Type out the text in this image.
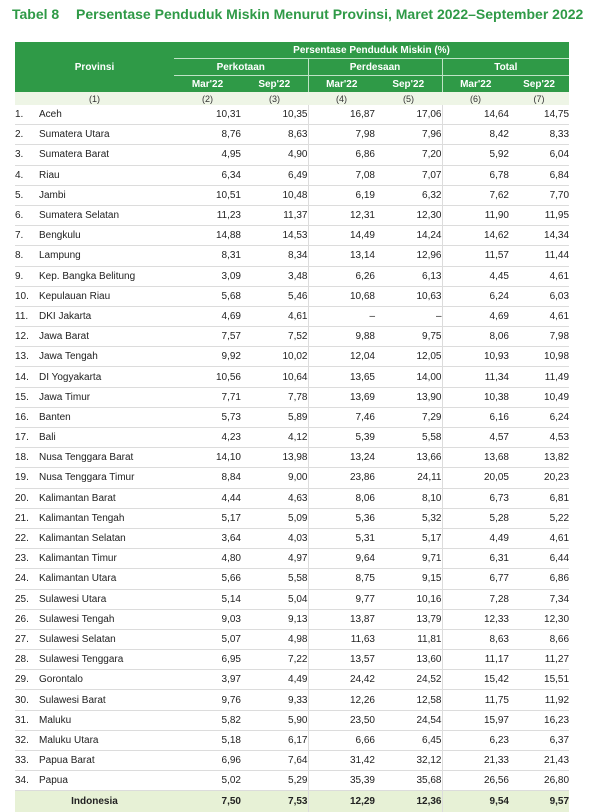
Tabel 8 Persentase Penduduk Miskin Menurut Provinsi, Maret 2022–September 2022
Provinsi		Persentase Penduduk Miskin (%)					
		Perkotaan		Perdesaan		Total	
		Mar'22	Sep'22	Mar'22	Sep'22	Mar'22	Sep'22
(1)		(2)	(3)	(4)	(5)	(6)	(7)
1.	Aceh	10,31	10,35	16,87	17,06	14,64	14,75
2.	Sumatera Utara	8,76	8,63	7,98	7,96	8,42	8,33
3.	Sumatera Barat	4,95	4,90	6,86	7,20	5,92	6,04
4.	Riau	6,34	6,49	7,08	7,07	6,78	6,84
5.	Jambi	10,51	10,48	6,19	6,32	7,62	7,70
6.	Sumatera Selatan	11,23	11,37	12,31	12,30	11,90	11,95
7.	Bengkulu	14,88	14,53	14,49	14,24	14,62	14,34
8.	Lampung	8,31	8,34	13,14	12,96	11,57	11,44
9.	Kep. Bangka Belitung	3,09	3,48	6,26	6,13	4,45	4,61
10.	Kepulauan Riau	5,68	5,46	10,68	10,63	6,24	6,03
11.	DKI Jakarta	4,69	4,61	–	–	4,69	4,61
12.	Jawa Barat	7,57	7,52	9,88	9,75	8,06	7,98
13.	Jawa Tengah	9,92	10,02	12,04	12,05	10,93	10,98
14.	DI Yogyakarta	10,56	10,64	13,65	14,00	11,34	11,49
15.	Jawa Timur	7,71	7,78	13,69	13,90	10,38	10,49
16.	Banten	5,73	5,89	7,46	7,29	6,16	6,24
17.	Bali	4,23	4,12	5,39	5,58	4,57	4,53
18.	Nusa Tenggara Barat	14,10	13,98	13,24	13,66	13,68	13,82
19.	Nusa Tenggara Timur	8,84	9,00	23,86	24,11	20,05	20,23
20.	Kalimantan Barat	4,44	4,63	8,06	8,10	6,73	6,81
21.	Kalimantan Tengah	5,17	5,09	5,36	5,32	5,28	5,22
22.	Kalimantan Selatan	3,64	4,03	5,31	5,17	4,49	4,61
23.	Kalimantan Timur	4,80	4,97	9,64	9,71	6,31	6,44
24.	Kalimantan Utara	5,66	5,58	8,75	9,15	6,77	6,86
25.	Sulawesi Utara	5,14	5,04	9,77	10,16	7,28	7,34
26.	Sulawesi Tengah	9,03	9,13	13,87	13,79	12,33	12,30
27.	Sulawesi Selatan	5,07	4,98	11,63	11,81	8,63	8,66
28.	Sulawesi Tenggara	6,95	7,22	13,57	13,60	11,17	11,27
29.	Gorontalo	3,97	4,49	24,42	24,52	15,42	15,51
30.	Sulawesi Barat	9,76	9,33	12,26	12,58	11,75	11,92
31.	Maluku	5,82	5,90	23,50	24,54	15,97	16,23
32.	Maluku Utara	5,18	6,17	6,66	6,45	6,23	6,37
33.	Papua Barat	6,96	7,64	31,42	32,12	21,33	21,43
34.	Papua	5,02	5,29	35,39	35,68	26,56	26,80
Indonesia		7,50	7,53	12,29	12,36	9,54	9,57
